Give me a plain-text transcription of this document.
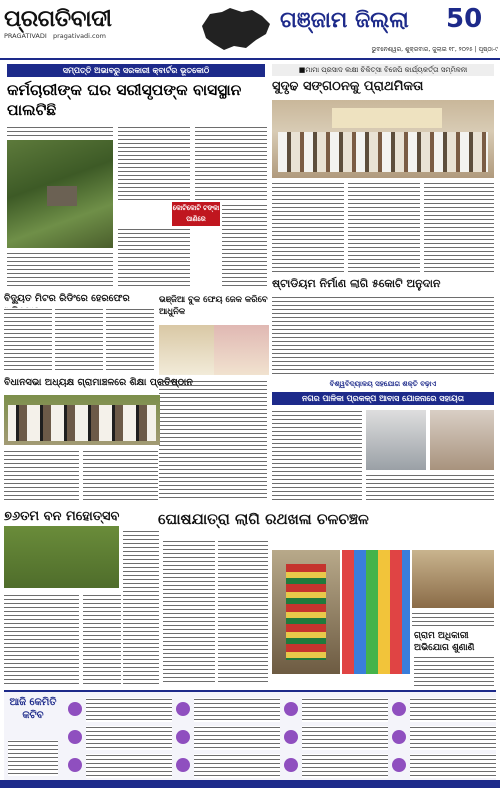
ପ୍ରଗତିବାଦୀ
PRAGATIVADI pragativadi.com
ଗଞ୍ଜାମ ଜିଲ୍ଲା 50
ଭୁବନେଶ୍ୱର, ଶୁକ୍ରବାର, ଜୁଲାଇ ୧୮, ୨୦୨୫ | ପୃଷ୍ଠା-୯
ସମ୍ପତ୍ତି ଅଭାବରୁ ସରକାରୀ କ୍ବାର୍ଟର ଭୂତକୋଠି
କର୍ମଚାରୀଙ୍କ ଘର ସରୀସୃପଙ୍କ ବାସସ୍ଥାନ ପାଲଟିଛି
କୋଟିକୋଟି ଟଙ୍କା ପାଣିରେ
■ମାମା ପ୍ରସାଦ ଲକ୍ଷୀ ଚିକିତ୍ସା ବିଜେପି କାର୍ଯ୍ୟକର୍ତ୍ତା ସମ୍ମିଳନୀ
ସୁଦୃଢ ସଙ୍ଗଠନକୁ ପ୍ରାଥମିକତା
ଷ୍ଟାଡିୟମ ନିର୍ମାଣ ଲାଗି ୫କୋଟି ଅନୁଦାନ
ବିଦ୍ୟୁତ ମିଟର ରିଡିଂରେ ହେରଫେର	ଭଞ୍ଜିଆ ବୁକ ଫେୟ ଜେକ କରିବେ ଆଧୁନିକ
ବିଧାନସଭା ଅଧ୍ୟକ୍ଷ ଗ୍ରାମାଞ୍ଚଳରେ ଶିକ୍ଷା ପ୍ରତିଷ୍ଠାନ	ବିଶ୍ୱବିଦ୍ୟାଳୟ ସହଯୋଗ ଶକ୍ତି ବଢ଼ାଏ
ନଗର ପାଳିକା ପ୍ରକଳ୍ପ ଆବାସ ଯୋଜନାରେ ସହାୟତା
୭୬ତମ ବନ ମହୋତ୍ସବ	ଘୋଷଯାତ୍ରା ଲାଗି ରଥଖଳା ଚଳଚଞ୍ଚଳ
ଗ୍ରାମ ଅଧିକାରୀ ଅଭିଯୋଗ ଶୁଣାଣି
ଆଜି କେମିତି କଟିବ
